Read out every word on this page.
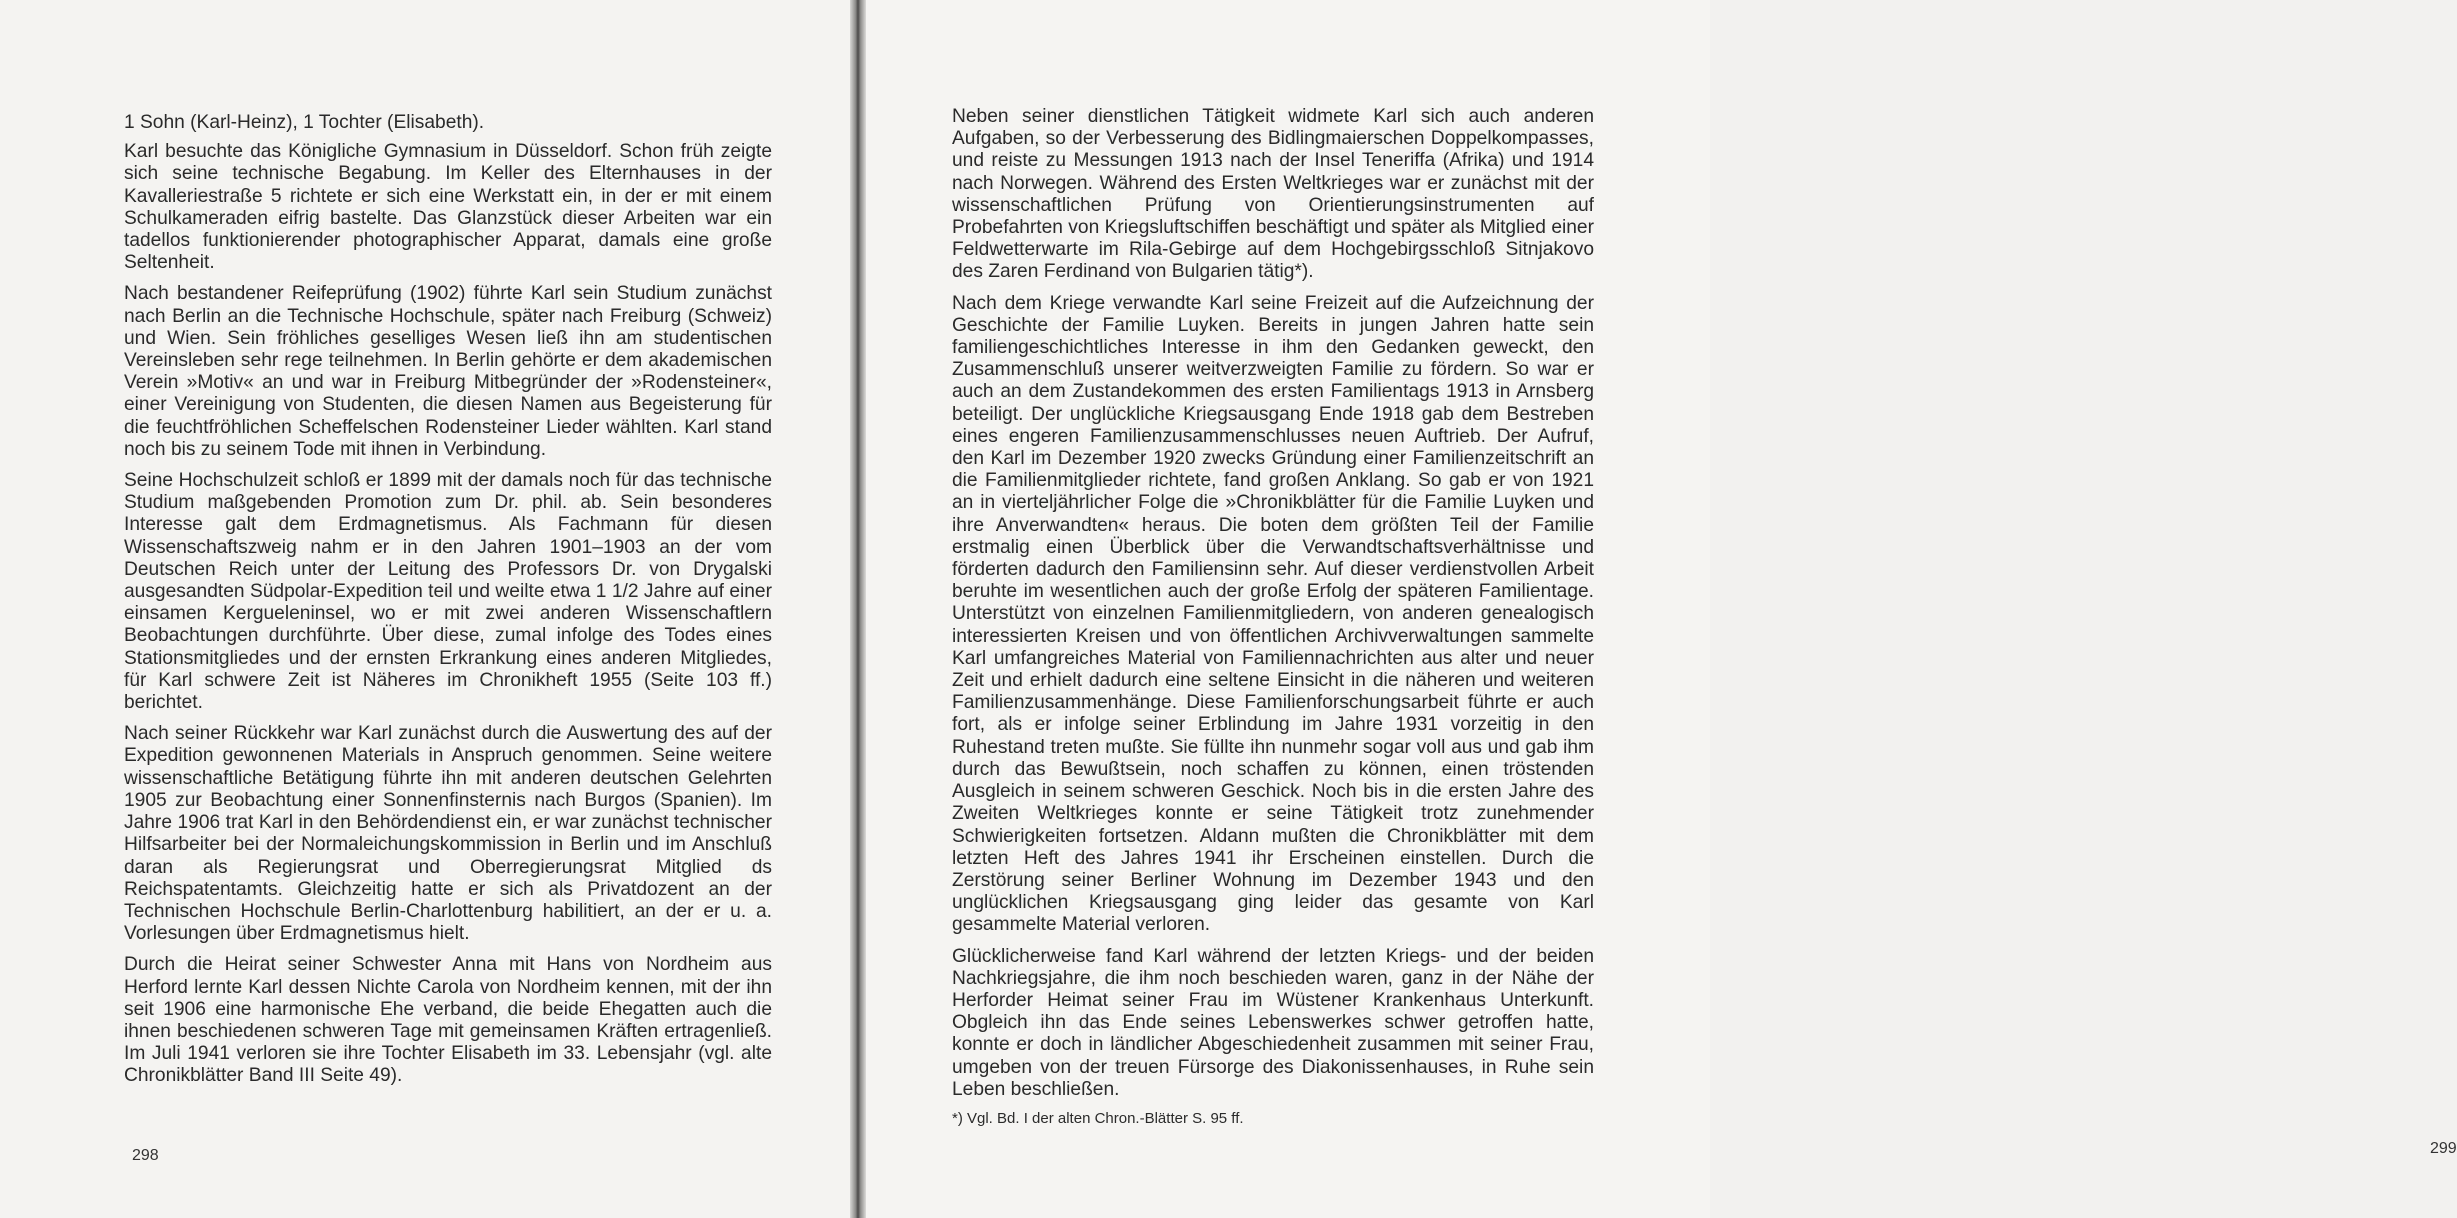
1 Sohn (Karl-Heinz), 1 Tochter (Elisabeth).

Karl besuchte das Königliche Gymnasium in Düsseldorf. Schon früh zeigte sich seine technische Begabung. Im Keller des Elternhauses in der Kavalleriestraße 5 richtete er sich eine Werkstatt ein, in der er mit einem Schulkameraden eifrig bastelte. Das Glanzstück dieser Arbeiten war ein tadellos funktionierender photographischer Apparat, damals eine große Seltenheit.

Nach bestandener Reifeprüfung (1902) führte Karl sein Studium zunächst nach Berlin an die Technische Hochschule, später nach Freiburg (Schweiz) und Wien. Sein fröhliches geselliges Wesen ließ ihn am studentischen Vereinsleben sehr rege teilnehmen. In Berlin gehörte er dem akademischen Verein »Motiv« an und war in Freiburg Mitbegründer der »Rodensteiner«, einer Vereinigung von Studenten, die diesen Namen aus Begeisterung für die feuchtfröhlichen Scheffelschen Rodensteiner Lieder wählten. Karl stand noch bis zu seinem Tode mit ihnen in Verbindung.

Seine Hochschulzeit schloß er 1899 mit der damals noch für das technische Studium maßgebenden Promotion zum Dr. phil. ab. Sein besonderes Interesse galt dem Erdmagnetismus. Als Fachmann für diesen Wissenschaftszweig nahm er in den Jahren 1901–1903 an der vom Deutschen Reich unter der Leitung des Professors Dr. von Drygalski ausgesandten Südpolar-Expedition teil und weilte etwa 1 1/2 Jahre auf einer einsamen Kergueleninsel, wo er mit zwei anderen Wissenschaftlern Beobachtungen durchführte. Über diese, zumal infolge des Todes eines Stationsmitgliedes und der ernsten Erkrankung eines anderen Mitgliedes, für Karl schwere Zeit ist Näheres im Chronikheft 1955 (Seite 103 ff.) berichtet.

Nach seiner Rückkehr war Karl zunächst durch die Auswertung des auf der Expedition gewonnenen Materials in Anspruch genommen. Seine weitere wissenschaftliche Betätigung führte ihn mit anderen deutschen Gelehrten 1905 zur Beobachtung einer Sonnenfinsternis nach Burgos (Spanien). Im Jahre 1906 trat Karl in den Behördendienst ein, er war zunächst technischer Hilfsarbeiter bei der Normaleichungskommission in Berlin und im Anschluß daran als Regierungsrat und Oberregierungsrat Mitglied ds Reichspatentamts. Gleichzeitig hatte er sich als Privatdozent an der Technischen Hochschule Berlin-Charlottenburg habilitiert, an der er u. a. Vorlesungen über Erdmagnetismus hielt.

Durch die Heirat seiner Schwester Anna mit Hans von Nordheim aus Herford lernte Karl dessen Nichte Carola von Nordheim kennen, mit der ihn seit 1906 eine harmonische Ehe verband, die beide Ehegatten auch die ihnen beschiedenen schweren Tage mit gemeinsamen Kräften ertragenließ. Im Juli 1941 verloren sie ihre Tochter Elisabeth im 33. Lebensjahr (vgl. alte Chronikblätter Band III Seite 49).

298	299

Neben seiner dienstlichen Tätigkeit widmete Karl sich auch anderen Aufgaben, so der Verbesserung des Bidlingmaierschen Doppelkompasses, und reiste zu Messungen 1913 nach der Insel Teneriffa (Afrika) und 1914 nach Norwegen. Während des Ersten Weltkrieges war er zunächst mit der wissenschaftlichen Prüfung von Orientierungsinstrumenten auf Probefahrten von Kriegsluftschiffen beschäftigt und später als Mitglied einer Feldwetterwarte im Rila-Gebirge auf dem Hochgebirgsschloß Sitnjakovo des Zaren Ferdinand von Bulgarien tätig*).

Nach dem Kriege verwandte Karl seine Freizeit auf die Aufzeichnung der Geschichte der Familie Luyken. Bereits in jungen Jahren hatte sein familiengeschichtliches Interesse in ihm den Gedanken geweckt, den Zusammenschluß unserer weitverzweigten Familie zu fördern. So war er auch an dem Zustandekommen des ersten Familientags 1913 in Arnsberg beteiligt. Der unglückliche Kriegsausgang Ende 1918 gab dem Bestreben eines engeren Familienzusammenschlusses neuen Auftrieb. Der Aufruf, den Karl im Dezember 1920 zwecks Gründung einer Familienzeitschrift an die Familienmitglieder richtete, fand großen Anklang. So gab er von 1921 an in vierteljährlicher Folge die »Chronikblätter für die Familie Luyken und ihre Anverwandten« heraus. Die boten dem größten Teil der Familie erstmalig einen Überblick über die Verwandtschaftsverhältnisse und förderten dadurch den Familiensinn sehr. Auf dieser verdienstvollen Arbeit beruhte im wesentlichen auch der große Erfolg der späteren Familientage. Unterstützt von einzelnen Familienmitgliedern, von anderen genealogisch interessierten Kreisen und von öffentlichen Archivverwaltungen sammelte Karl umfangreiches Material von Familiennachrichten aus alter und neuer Zeit und erhielt dadurch eine seltene Einsicht in die näheren und weiteren Familienzusammenhänge. Diese Familienforschungsarbeit führte er auch fort, als er infolge seiner Erblindung im Jahre 1931 vorzeitig in den Ruhestand treten mußte. Sie füllte ihn nunmehr sogar voll aus und gab ihm durch das Bewußtsein, noch schaffen zu können, einen tröstenden Ausgleich in seinem schweren Geschick. Noch bis in die ersten Jahre des Zweiten Weltkrieges konnte er seine Tätigkeit trotz zunehmender Schwierigkeiten fortsetzen. Aldann mußten die Chronikblätter mit dem letzten Heft des Jahres 1941 ihr Erscheinen einstellen. Durch die Zerstörung seiner Berliner Wohnung im Dezember 1943 und den unglücklichen Kriegsausgang ging leider das gesamte von Karl gesammelte Material verloren.

Glücklicherweise fand Karl während der letzten Kriegs- und der beiden Nachkriegsjahre, die ihm noch beschieden waren, ganz in der Nähe der Herforder Heimat seiner Frau im Wüstener Krankenhaus Unterkunft. Obgleich ihn das Ende seines Lebenswerkes schwer getroffen hatte, konnte er doch in ländlicher Abgeschiedenheit zusammen mit seiner Frau, umgeben von der treuen Fürsorge des Diakonissenhauses, in Ruhe sein Leben beschließen.

*) Vgl. Bd. I der alten Chron.-Blätter S. 95 ff.
